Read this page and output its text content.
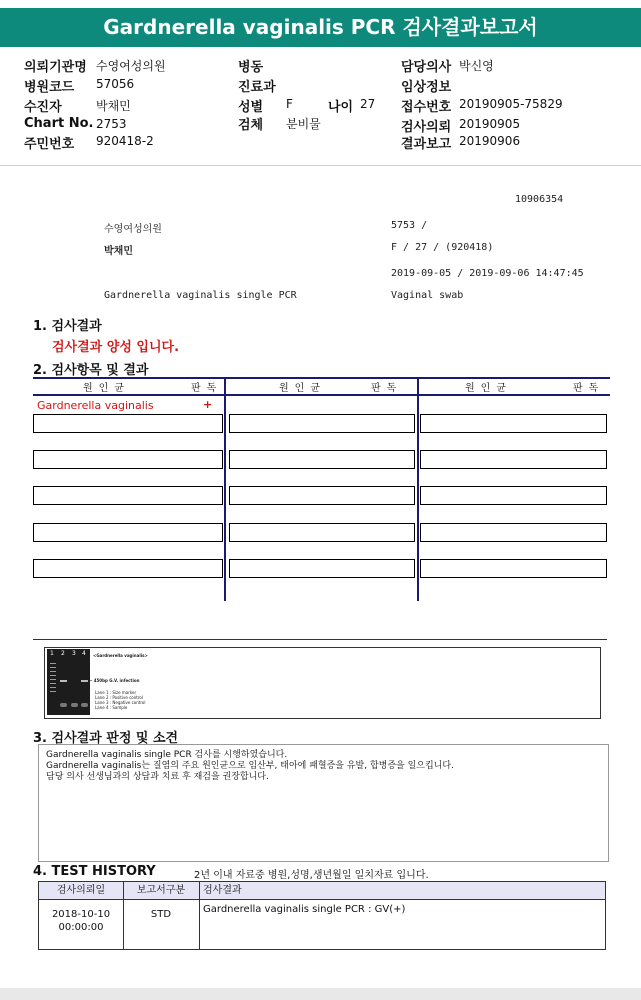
Gardnerella vaginalis PCR 검사결과보고서
의뢰기관명 수영여성의원
병원코드 57056
수진자	박채민
Chart No. 2753
주민번호 920418-2
병동
진료과
성별 F	나이 27
검체 분비물
담당의사 박신영
임상정보
접수번호 20190905-75829
검사의뢰 20190905
결과보고 20190906
10906354
수영여성의원	5753 /
박채민	F / 27 / (920418)
2019-09-05 / 2019-09-06 14:47:45
Gardnerella vaginalis single PCR	Vaginal swab
1. 검사결과
검사결과 양성 입니다.
2. 검사항목 및 결과
원인균	판독	원인균	판독	원인균	판독
Gardnerella vaginalis	+
1 2 3 4 <Gardnerella vaginalis>
← 450bp G.V. infection
Lane 1 : Size marker
Lane 2 : Positive control
Lane 3 : Negative control
Lane 4 : Sample
3. 검사결과 판정 및 소견
Gardnerella vaginalis single PCR 검사를 시행하였습니다.
Gardnerella vaginalis는 질염의 주요 원인균으로 임산부, 태아에 패혈증을 유발, 합병증을 일으킵니다.
담당 의사 선생님과의 상담과 치료 후 재검을 권장합니다.
4. TEST HISTORY	2년 이내 자료중 병원,성명,생년월일 일치자료 입니다.
검사의뢰일	보고서구분	검사결과
2018-10-10
00:00:00
STD	Gardnerella vaginalis single PCR : GV(+)
